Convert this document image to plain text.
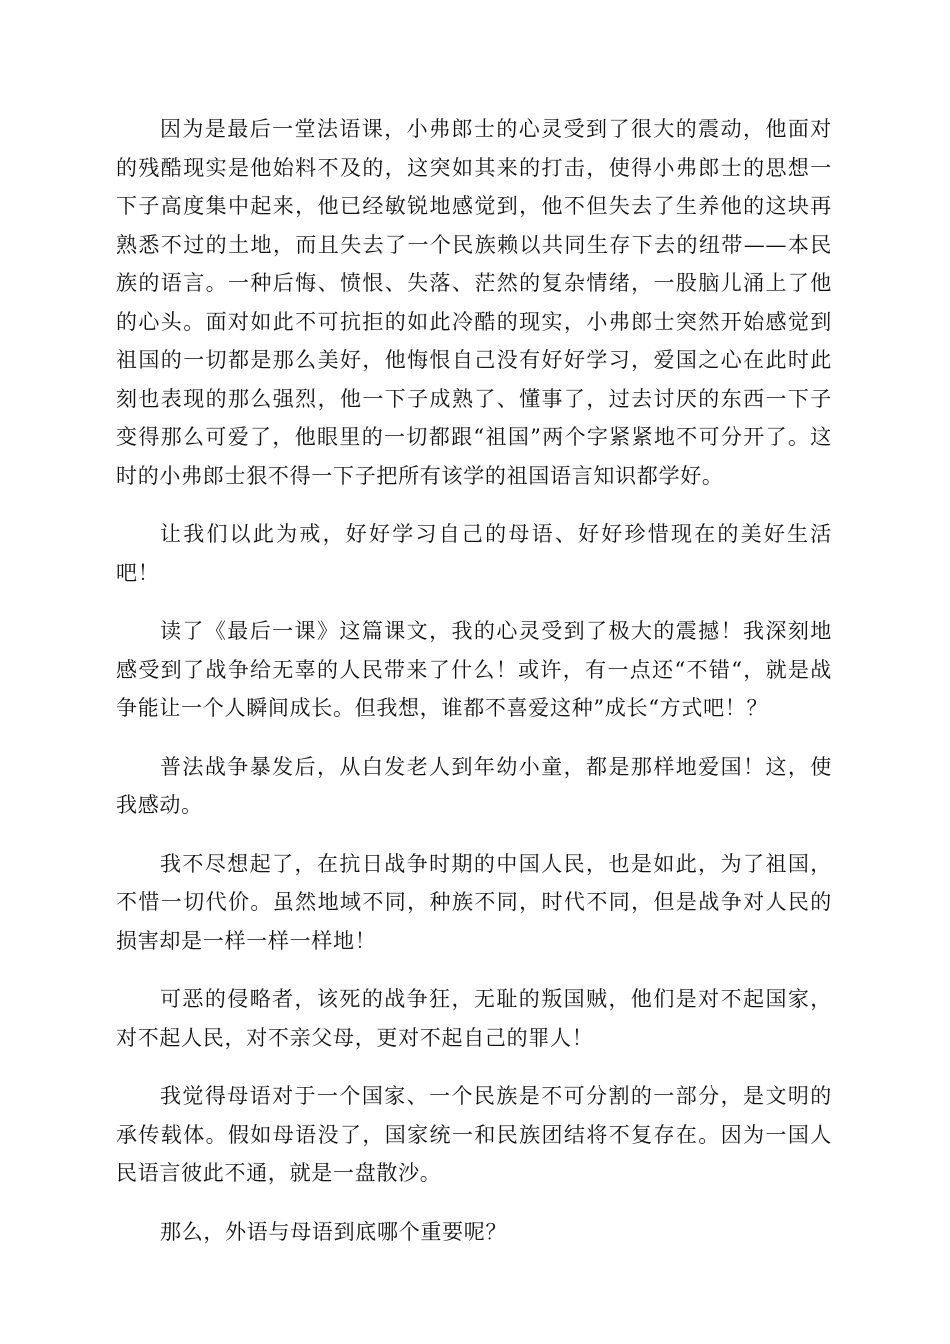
因为是最后一堂法语课，小弗郎士的心灵受到了很大的震动，他面对的残酷现实是他始料不及的，这突如其来的打击，使得小弗郎士的思想一下子高度集中起来，他已经敏锐地感觉到，他不但失去了生养他的这块再熟悉不过的土地，而且失去了一个民族赖以共同生存下去的纽带——本民族的语言。一种后悔、愤恨、失落、茫然的复杂情绪，一股脑儿涌上了他的心头。面对如此不可抗拒的如此冷酷的现实，小弗郎士突然开始感觉到祖国的一切都是那么美好，他悔恨自己没有好好学习，爱国之心在此时此刻也表现的那么强烈，他一下子成熟了、懂事了，过去讨厌的东西一下子变得那么可爱了，他眼里的一切都跟“祖国”两个字紧紧地不可分开了。这时的小弗郎士狠不得一下子把所有该学的祖国语言知识都学好。

让我们以此为戒，好好学习自己的母语、好好珍惜现在的美好生活吧！

读了《最后一课》这篇课文，我的心灵受到了极大的震撼！我深刻地感受到了战争给无辜的人民带来了什么！或许，有一点还“不错“，就是战争能让一个人瞬间成长。但我想，谁都不喜爱这种”成长“方式吧！？

普法战争暴发后，从白发老人到年幼小童，都是那样地爱国！这，使我感动。

我不尽想起了，在抗日战争时期的中国人民，也是如此，为了祖国，不惜一切代价。虽然地域不同，种族不同，时代不同，但是战争对人民的损害却是一样一样一样地！

可恶的侵略者，该死的战争狂，无耻的叛国贼，他们是对不起国家，对不起人民，对不亲父母，更对不起自己的罪人！

我觉得母语对于一个国家、一个民族是不可分割的一部分，是文明的承传载体。假如母语没了，国家统一和民族团结将不复存在。因为一国人民语言彼此不通，就是一盘散沙。

那么，外语与母语到底哪个重要呢？
